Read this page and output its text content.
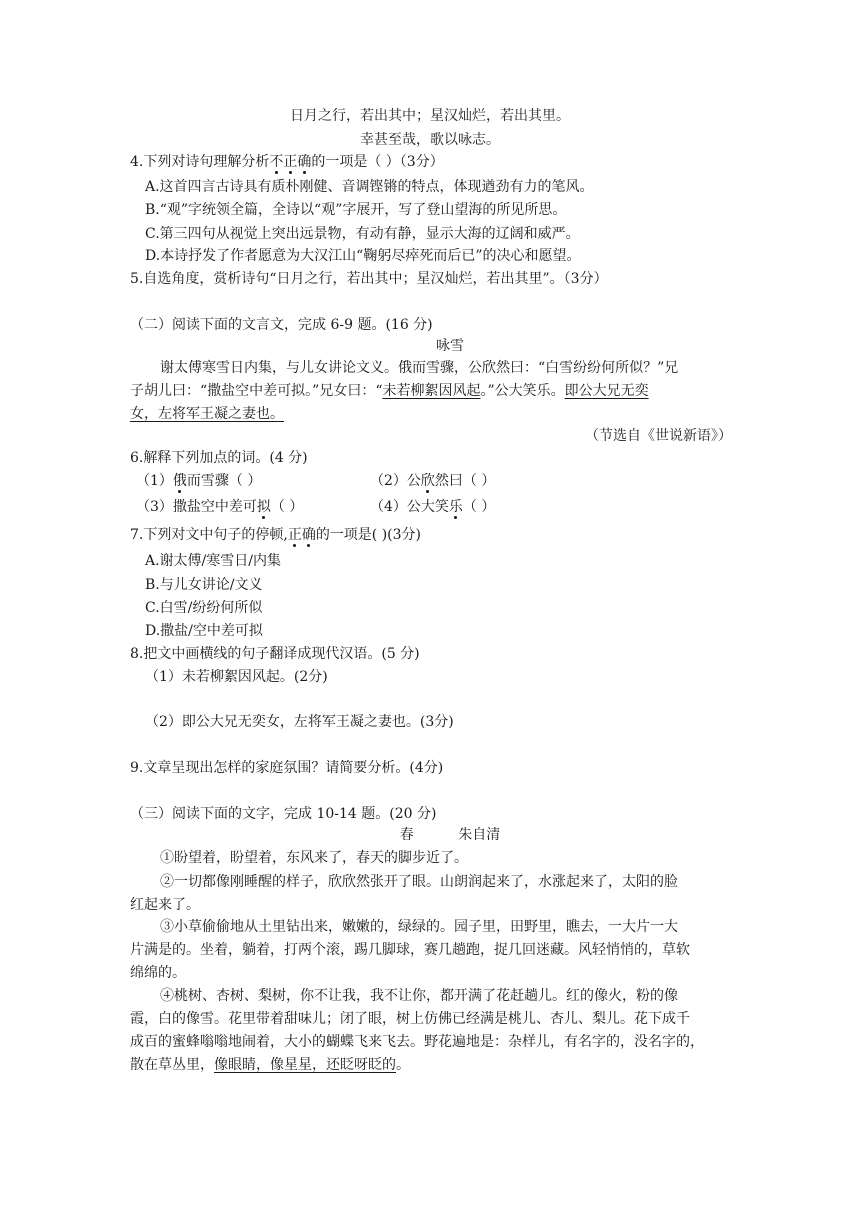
日月之行，若出其中；星汉灿烂，若出其里。
幸甚至哉，歌以咏志。
4.下列对诗句理解分析不正确的一项是（ ）（3分）
A.这首四言古诗具有质朴刚健、音调铿锵的特点，体现遒劲有力的笔风。
B.“观”字统领全篇，全诗以“观”字展开，写了登山望海的所见所思。
C.第三四句从视觉上突出远景物，有动有静，显示大海的辽阔和威严。
D.本诗抒发了作者愿意为大汉江山“鞠躬尽瘁死而后已”的决心和愿望。
5.自选角度，赏析诗句“日月之行，若出其中；星汉灿烂，若出其里”。（3分）
（二）阅读下面的文言文，完成 6-9 题。(16 分)
咏雪
谢太傅寒雪日内集，与儿女讲论文义。俄而雪骤，公欣然曰：“白雪纷纷何所似？”兄
子胡儿曰：“撒盐空中差可拟。”兄女曰：“未若柳絮因风起。”公大笑乐。即公大兄无奕
女，左将军王凝之妻也。
（节选自《世说新语》）
6.解释下列加点的词。(4 分)
（1）俄而雪骤（ ）	（2）公欣然曰（ ）
（3）撒盐空中差可拟（ ）	（4）公大笑乐（ ）
7.下列对文中句子的停顿,正确的一项是( )(3分)
A.谢太傅/寒雪日/内集
B.与儿女讲论/文义
C.白雪/纷纷何所似
D.撒盐/空中差可拟
8.把文中画横线的句子翻译成现代汉语。(5 分)
（1）未若柳絮因风起。(2分)
（2）即公大兄无奕女，左将军王凝之妻也。(3分)
9.文章呈现出怎样的家庭氛围？请简要分析。(4分)
（三）阅读下面的文字，完成 10-14 题。(20 分)
春          朱自清
①盼望着，盼望着，东风来了，春天的脚步近了。
②一切都像刚睡醒的样子，欣欣然张开了眼。山朗润起来了，水涨起来了，太阳的脸
红起来了。
③小草偷偷地从土里钻出来，嫩嫩的，绿绿的。园子里，田野里，瞧去，一大片一大
片满是的。坐着，躺着，打两个滚，踢几脚球，赛几趟跑，捉几回迷藏。风轻悄悄的，草软
绵绵的。
④桃树、杏树、梨树，你不让我，我不让你，都开满了花赶趟儿。红的像火，粉的像
霞，白的像雪。花里带着甜味儿；闭了眼，树上仿佛已经满是桃儿、杏儿、梨儿。花下成千
成百的蜜蜂嗡嗡地闹着，大小的蝴蝶飞来飞去。野花遍地是：杂样儿，有名字的，没名字的，
散在草丛里，像眼睛，像星星，还眨呀眨的。
